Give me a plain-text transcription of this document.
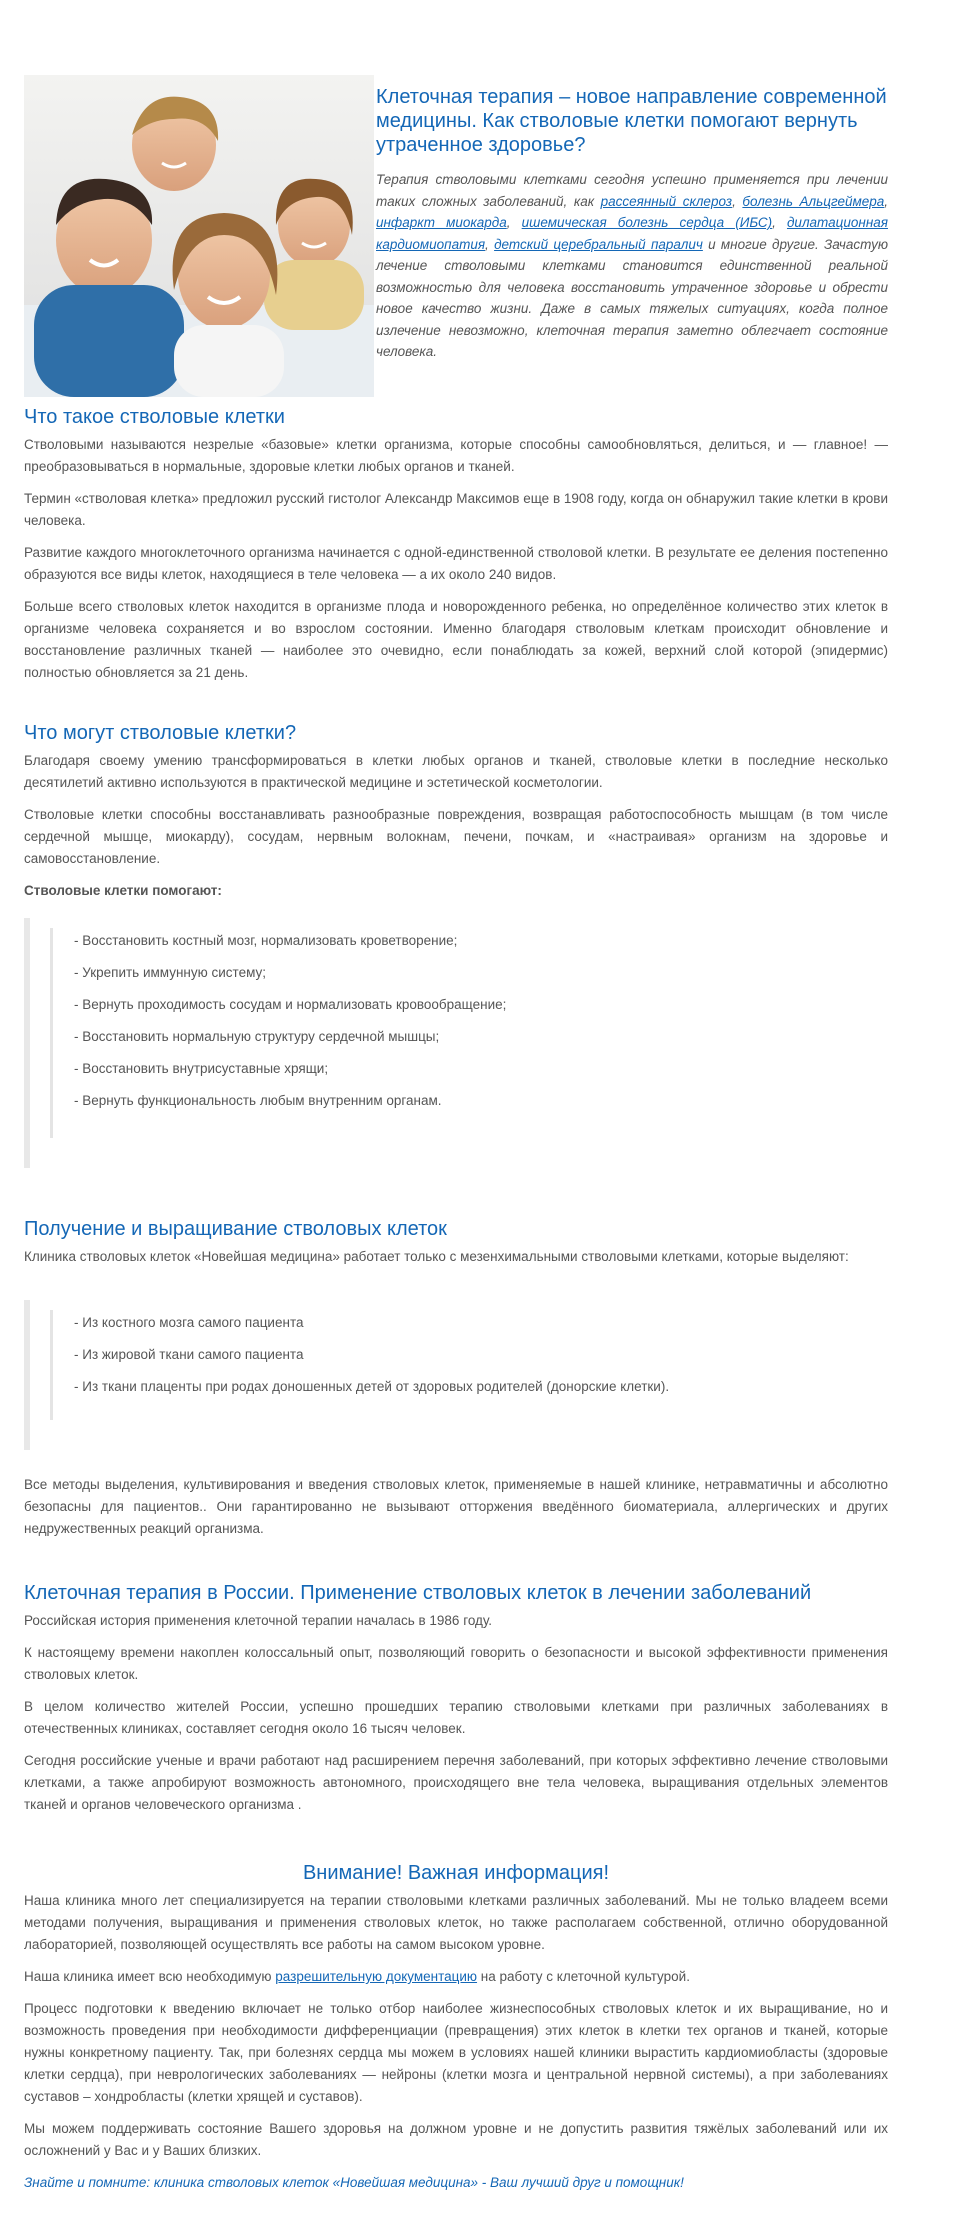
Клеточная терапия – новое направление современной медицины. Как стволовые клетки помогают вернуть утраченное здоровье?

Терапия стволовыми клетками сегодня успешно применяется при лечении таких сложных заболеваний, как рассеянный склероз, болезнь Альцгеймера, инфаркт миокарда, ишемическая болезнь сердца (ИБС), дилатационная кардиомиопатия, детский церебральный паралич и многие другие. Зачастую лечение стволовыми клетками становится единственной реальной возможностью для человека восстановить утраченное здоровье и обрести новое качество жизни. Даже в самых тяжелых ситуациях, когда полное излечение невозможно, клеточная терапия заметно облегчает состояние человека.

Что такое стволовые клетки

Стволовыми называются незрелые «базовые» клетки организма, которые способны самообновляться, делиться, и — главное! — преобразовываться в нормальные, здоровые клетки любых органов и тканей.

Термин «стволовая клетка» предложил русский гистолог Александр Максимов еще в 1908 году, когда он обнаружил такие клетки в крови человека.

Развитие каждого многоклеточного организма начинается с одной-единственной стволовой клетки. В результате ее деления постепенно образуются все виды клеток, находящиеся в теле человека — а их около 240 видов.

Больше всего стволовых клеток находится в организме плода и новорожденного ребенка, но определённое количество этих клеток в организме человека сохраняется и во взрослом состоянии. Именно благодаря стволовым клеткам происходит обновление и восстановление различных тканей — наиболее это очевидно, если понаблюдать за кожей, верхний слой которой (эпидермис) полностью обновляется за 21 день.

Что могут стволовые клетки?

Благодаря своему умению трансформироваться в клетки любых органов и тканей, стволовые клетки в последние несколько десятилетий активно используются в практической медицине и эстетической косметологии.

Стволовые клетки способны восстанавливать разнообразные повреждения, возвращая работоспособность мышцам (в том числе сердечной мышце, миокарду), сосудам, нервным волокнам, печени, почкам, и «настраивая» организм на здоровье и самовосстановление.

Стволовые клетки помогают:

- Восстановить костный мозг, нормализовать кроветворение;
- Укрепить иммунную систему;
- Вернуть проходимость сосудам и нормализовать кровообращение;
- Восстановить нормальную структуру сердечной мышцы;
- Восстановить внутрисуставные хрящи;
- Вернуть функциональность любым внутренним органам.
Получение и выращивание стволовых клеток

Клиника стволовых клеток «Новейшая медицина» работает только с мезенхимальными стволовыми клетками, которые выделяют:

- Из костного мозга самого пациента
- Из жировой ткани самого пациента
- Из ткани плаценты при родах доношенных детей от здоровых родителей (донорские клетки).

Все методы выделения, культивирования и введения стволовых клеток, применяемые в нашей клинике, нетравматичны и абсолютно безопасны для пациентов.. Они гарантированно не вызывают отторжения введённого биоматериала, аллергических и других недружественных реакций организма.

Клеточная терапия в России. Применение стволовых клеток в лечении заболеваний

Российская история применения клеточной терапии началась в 1986 году.

К настоящему времени накоплен колоссальный опыт, позволяющий говорить о безопасности и высокой эффективности применения стволовых клеток.

В целом количество жителей России, успешно прошедших терапию стволовыми клетками при различных заболеваниях в отечественных клиниках, составляет сегодня около 16 тысяч человек.

Сегодня российские ученые и врачи работают над расширением перечня заболеваний, при которых эффективно лечение стволовыми клетками, а также апробируют возможность автономного, происходящего вне тела человека, выращивания отдельных элементов тканей и органов человеческого организма .

Внимание! Важная информация!

Наша клиника много лет специализируется на терапии стволовыми клетками различных заболеваний. Мы не только владеем всеми методами получения, выращивания и применения стволовых клеток, но также располагаем собственной, отлично оборудованной лабораторией, позволяющей осуществлять все работы на самом высоком уровне.

Наша клиника имеет всю необходимую разрешительную документацию на работу с клеточной культурой.

Процесс подготовки к введению включает не только отбор наиболее жизнеспособных стволовых клеток и их выращивание, но и возможность проведения при необходимости дифференциации (превращения) этих клеток в клетки тех органов и тканей, которые нужны конкретному пациенту. Так, при болезнях сердца мы можем в условиях нашей клиники вырастить кардиомиобласты (здоровые клетки сердца), при неврологических заболеваниях — нейроны (клетки мозга и центральной нервной системы), а при заболеваниях суставов – хондробласты (клетки хрящей и суставов).

Мы можем поддерживать состояние Вашего здоровья на должном уровне и не допустить развития тяжёлых заболеваний или их осложнений у Вас и у Ваших близких.

Знайте и помните: клиника стволовых клеток «Новейшая медицина» - Ваш лучший друг и помощник!
